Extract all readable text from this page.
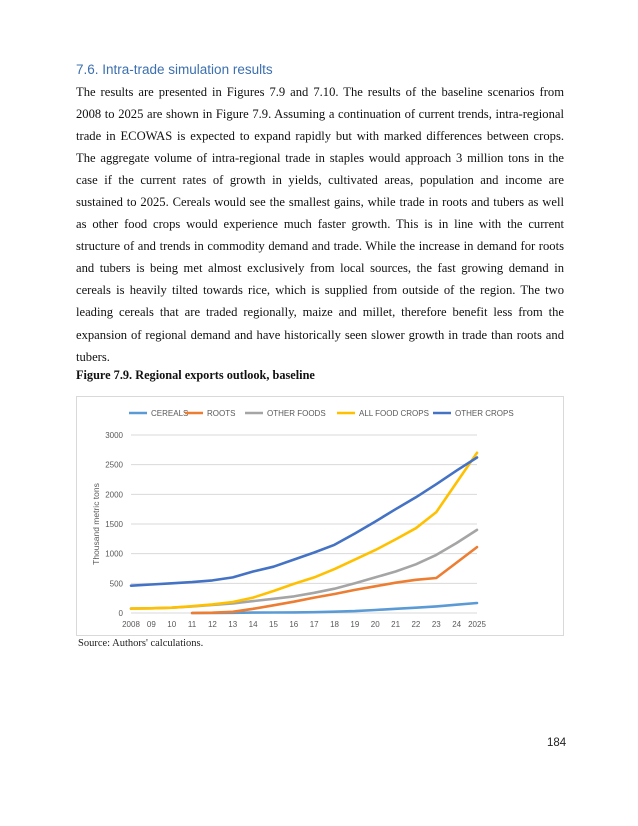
7.6. Intra-trade simulation results
The results are presented in Figures 7.9 and 7.10. The results of the baseline scenarios from 2008 to 2025 are shown in Figure 7.9. Assuming a continuation of current trends, intra-regional trade in ECOWAS is expected to expand rapidly but with marked differences between crops. The aggregate volume of intra-regional trade in staples would approach 3 million tons in the case if the current rates of growth in yields, cultivated areas, population and income are sustained to 2025. Cereals would see the smallest gains, while trade in roots and tubers as well as other food crops would experience much faster growth. This is in line with the current structure of and trends in commodity demand and trade. While the increase in demand for roots and tubers is being met almost exclusively from local sources, the fast growing demand in cereals is heavily tilted towards rice, which is supplied from outside of the region. The two leading cereals that are traded regionally, maize and millet, therefore benefit less from the expansion of regional demand and have historically seen slower growth in trade than roots and tubers.
Figure 7.9. Regional exports outlook, baseline
0
500
1000
1500
2000
2500
3000
2008 09 10 11 12 13 14 15 16 17 18 19 20 21 22 23 24 2025
Thousand metric tons
CEREALS ROOTS	OTHER FOODS	ALL FOOD CROPS	OTHER CROPS
Source: Authors' calculations.
184
